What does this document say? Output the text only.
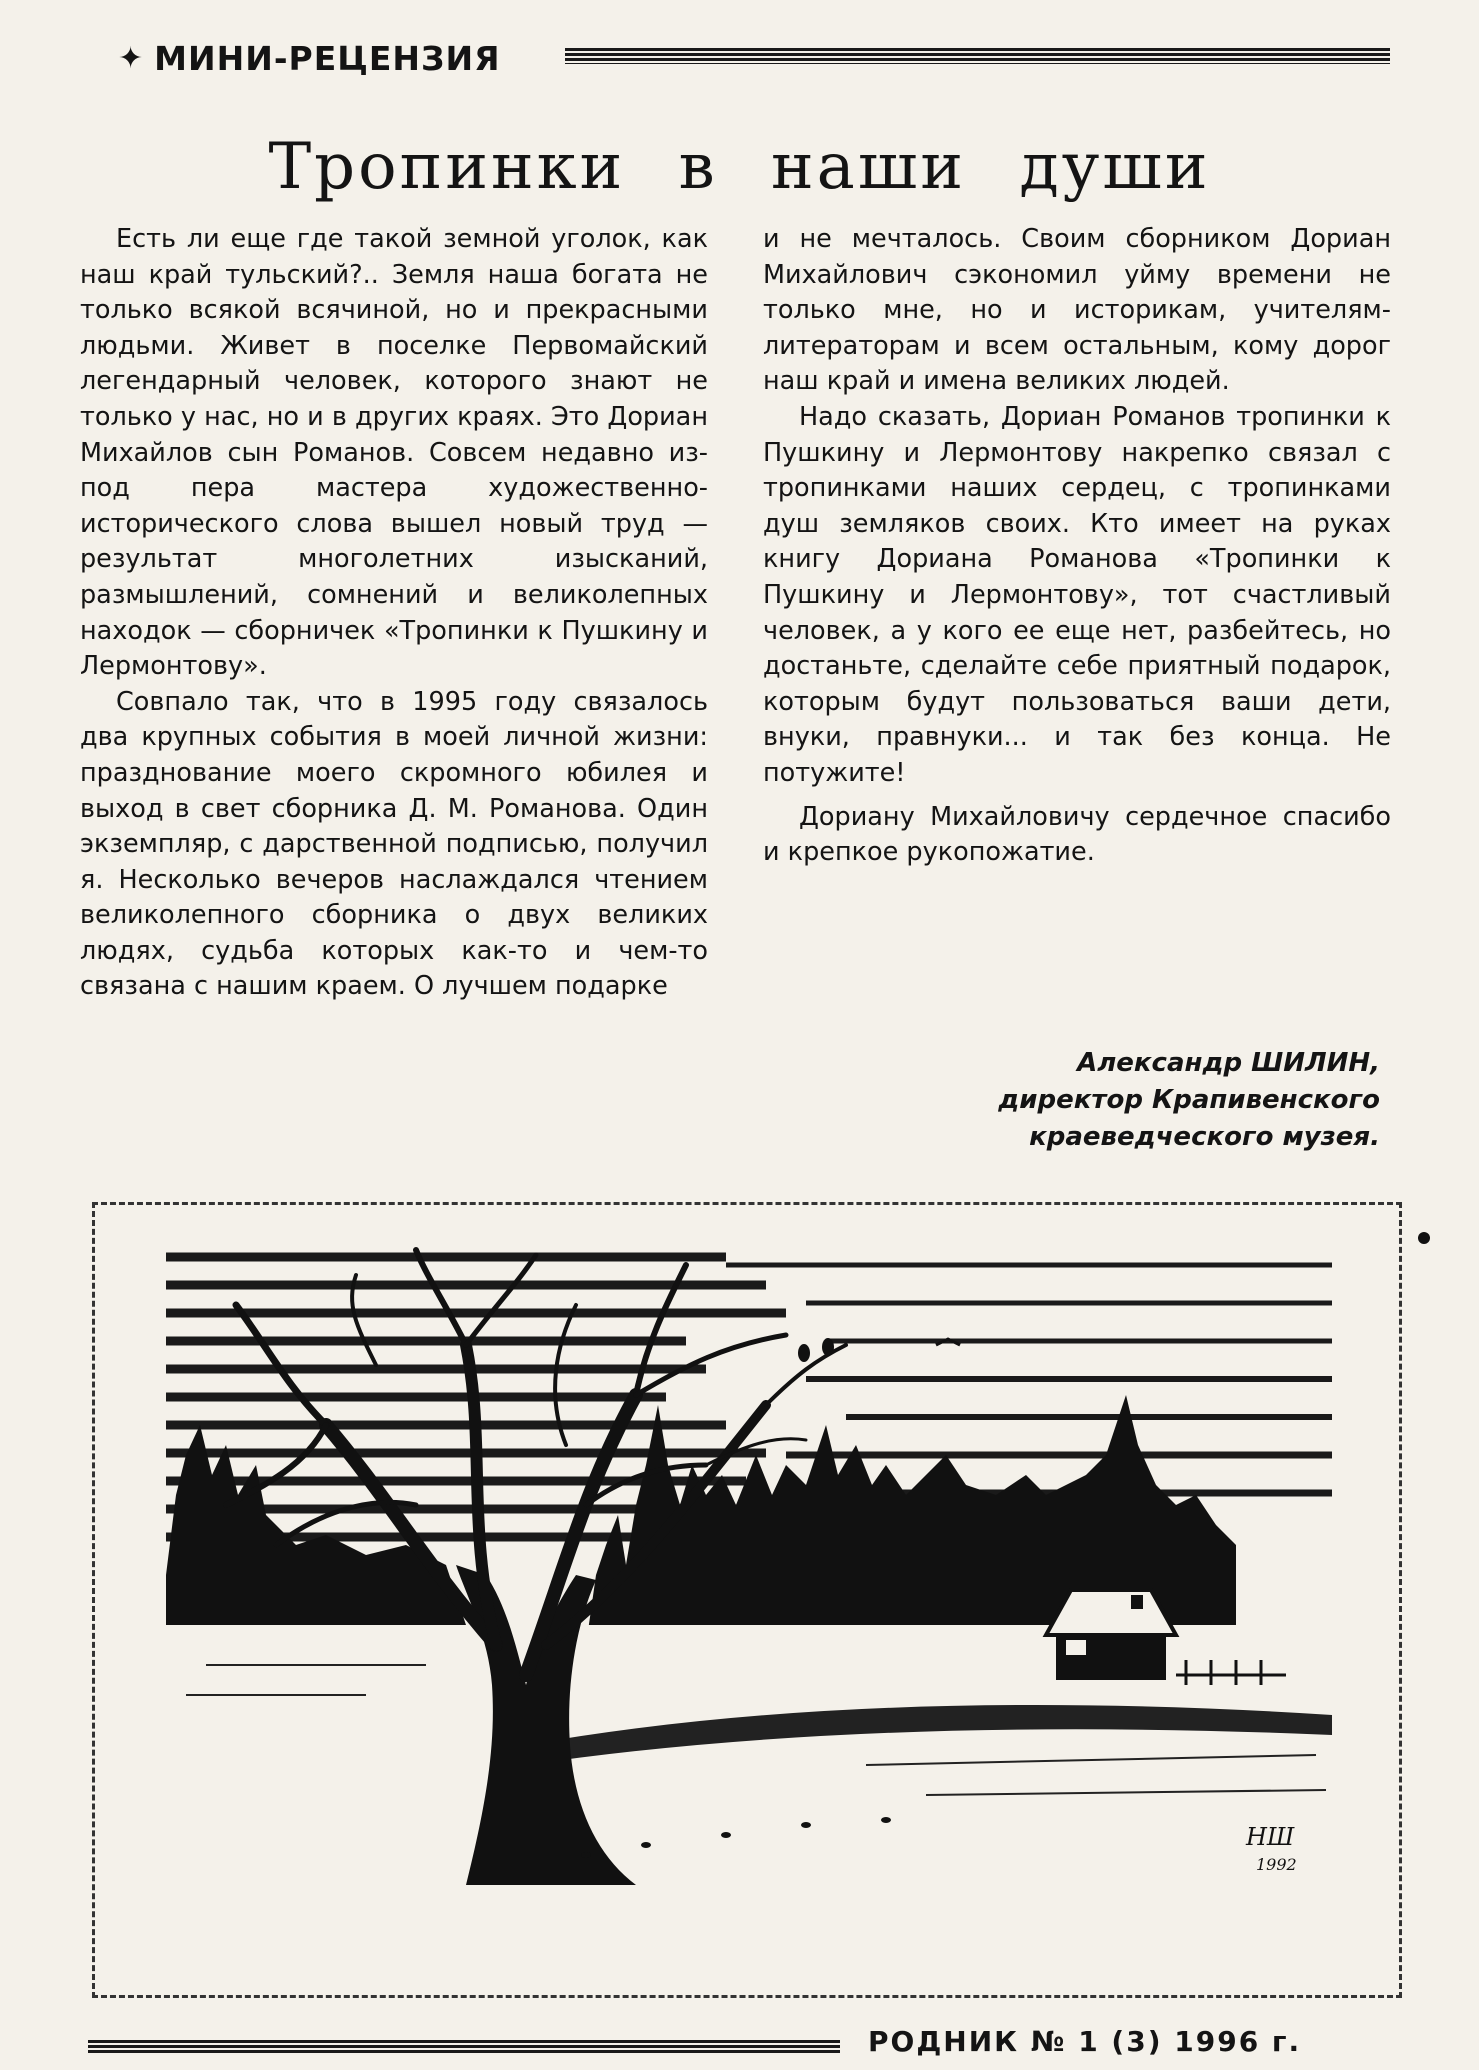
✦ МИНИ-РЕЦЕНЗИЯ
Тропинки в наши души

Есть ли еще где такой земной уголок, как наш край тульский?.. Земля наша богата не только всякой всячиной, но и прекрасными людьми. Живет в поселке Первомайский легендарный человек, которого знают не только у нас, но и в других краях. Это Дориан Михайлов сын Романов. Совсем недавно из-под пера мастера художественно-исторического слова вышел новый труд — результат многолетних изысканий, размышлений, сомнений и великолепных находок — сборничек «Тропинки к Пушкину и Лермонтову».

Совпало так, что в 1995 году связалось два крупных события в моей личной жизни: празднование моего скромного юбилея и выход в свет сборника Д. М. Романова. Один экземпляр, с дарственной подписью, получил я. Несколько вечеров наслаждался чтением великолепного сборника о двух великих людях, судьба которых как-то и чем-то связана с нашим краем. О лучшем подарке

и не мечталось. Своим сборником Дориан Михайлович сэкономил уйму времени не только мне, но и историкам, учителям-литераторам и всем остальным, кому дорог наш край и имена великих людей.

Надо сказать, Дориан Романов тропинки к Пушкину и Лермонтову накрепко связал с тропинками наших сердец, с тропинками душ земляков своих. Кто имеет на руках книгу Дориана Романова «Тропинки к Пушкину и Лермонтову», тот счастливый человек, а у кого ее еще нет, разбейтесь, но достаньте, сделайте себе приятный подарок, которым будут пользоваться ваши дети, внуки, правнуки... и так без конца. Не потужите!

Дориану Михайловичу сердечное спасибо и крепкое рукопожатие.

Александр ШИЛИН,
директор Крапивенского
краеведческого музея.
НШ
1992
РОДНИК № 1 (3) 1996 г.
